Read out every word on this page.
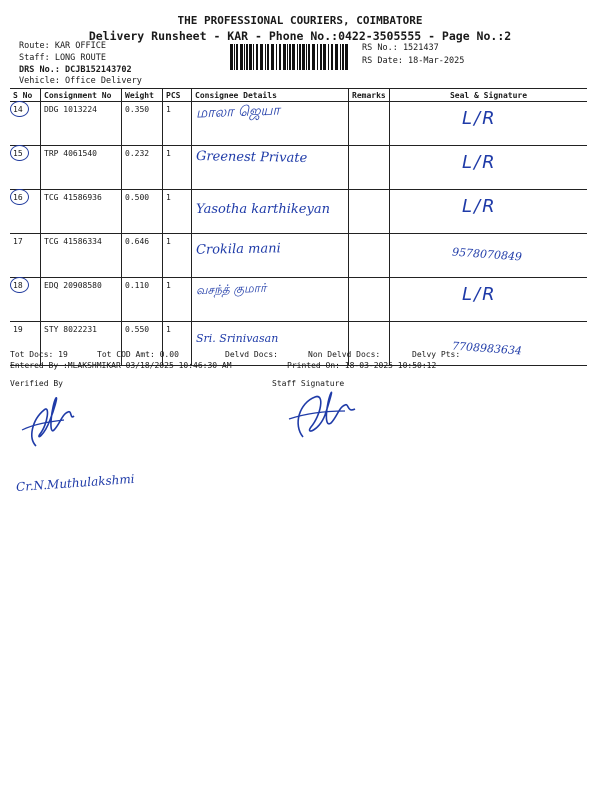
THE PROFESSIONAL COURIERS, COIMBATORE
Delivery Runsheet - KAR - Phone No.:0422-3505555 - Page No.:2
Route: KAR OFFICE
Staff: LONG ROUTE
DRS No.: DCJB152143702
Vehicle: Office Delivery
RS No.: 1521437
RS Date: 18-Mar-2025
S No	Consignment No	Weight	PCS	Consignee Details	Remarks	Seal & Signature
14	DDG 1013224	0.350	1	மாலா ஜெயா		L/R

15	TRP 4061540	0.232	1	Greenest Private		L/R

16	TCG 41586936	0.500	1	Yasotha karthikeyan		L/R

17	TCG 41586334	0.646	1	Crokila mani		9578070849

18	EDQ 20908580	0.110	1	வசந்த் குமார்		L/R

19	STY 8022231	0.550	1	Sri. Srinivasan		7708983634
Tot Docs: 19	Tot COD Amt: 0.00	Delvd Docs:	Non Delvd Docs:	Delvy Pts:
Entered By :MLAKSHMIKAR 03/18/2025 10:46:30 AM	Printed On: 18-03-2025 10:50:12
Verified By	Staff Signature
Cr.N.Muthulakshmi
